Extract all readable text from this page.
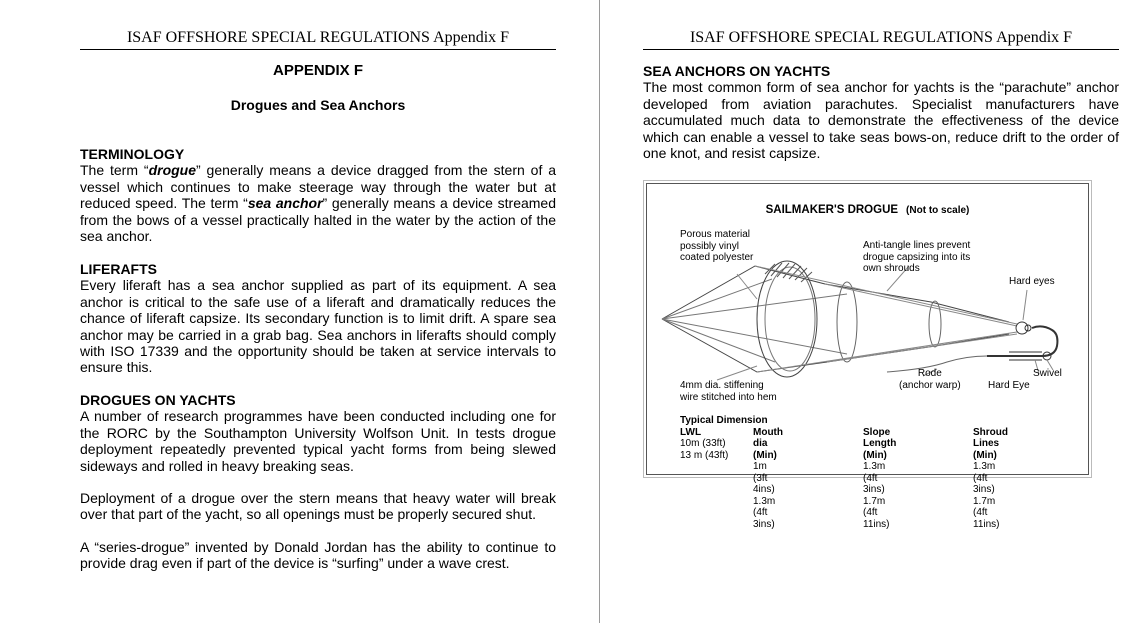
ISAF OFFSHORE SPECIAL REGULATIONS Appendix F
APPENDIX F
Drogues and Sea Anchors
TERMINOLOGY

The term “drogue” generally means a device dragged from the stern of a vessel which continues to make steerage way through the water but at reduced speed. The term “sea anchor” generally means a device streamed from the bows of a vessel practically halted in the water by the action of the sea anchor.

LIFERAFTS

Every liferaft has a sea anchor supplied as part of its equipment. A sea anchor is critical to the safe use of a liferaft and dramatically reduces the chance of liferaft capsize. Its secondary function is to limit drift. A spare sea anchor may be carried in a grab bag. Sea anchors in liferafts should comply with ISO 17339 and the opportunity should be taken at service intervals to ensure this.

DROGUES ON YACHTS

A number of research programmes have been conducted including one for the RORC by the Southampton University Wolfson Unit. In tests drogue deployment repeatedly prevented typical yacht forms from being slewed sideways and rolled in heavy breaking seas.

Deployment of a drogue over the stern means that heavy water will break over that part of the yacht, so all openings must be properly secured shut.

A “series-drogue” invented by Donald Jordan has the ability to continue to provide drag even if part of the device is “surfing” under a wave crest.

ISAF OFFSHORE SPECIAL REGULATIONS Appendix F
SEA ANCHORS ON YACHTS

The most common form of sea anchor for yachts is the “parachute” anchor developed from aviation parachutes. Specialist manufacturers have accumulated much data to demonstrate the effectiveness of the device which can enable a vessel to take seas bows-on, reduce drift to the order of one knot, and resist capsize.

SAILMAKER'S DROGUE (Not to scale)
Porous material
possibly vinyl
coated polyester
Anti-tangle lines prevent
drogue capsizing into its
own shrouds
Hard eyes
Swivel
Rode
(anchor warp)	Hard Eye
4mm dia. stiffening
wire stitched into hem
Typical Dimension
LWL
10m (33ft)
13 m (43ft)
Mouth dia (Min)
1m (3ft 4ins)
1.3m (4ft 3ins)
Slope Length (Min)
1.3m (4ft 3ins)
1.7m (4ft 11ins)
Shroud Lines (Min)
1.3m (4ft 3ins)
1.7m (4ft 11ins)
